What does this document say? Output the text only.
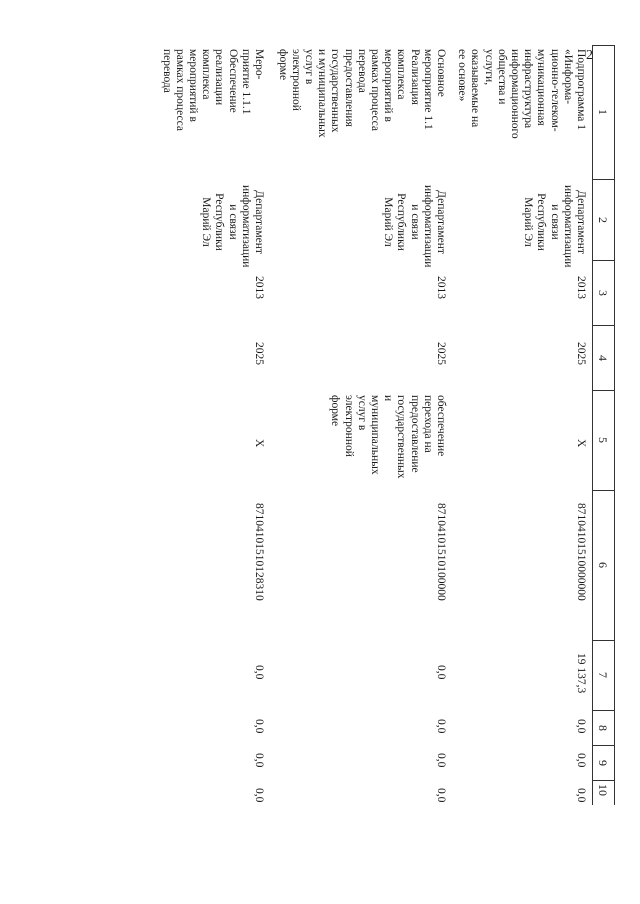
2
1
2
3
4
5
6
7
8
9
10
Подпрограмма 1
«Информа-
ционно-телеком-
муникационная
инфраструктура
информационного
общества и
услуги,
оказываемые на
ее основе»
Департамент
информатизации
и связи
Республики
Марий Эл
2013
2025
X
87104101510000000
19 137,3
0,0
0,0
0,0
Основное
мероприятие 1.1
Реализация
комплекса
мероприятий в
рамках процесса
перевода
предоставления
государственных
и муниципальных
услуг в
электронной
форме
Департамент
информатизации
и связи
Республики
Марий Эл
2013
2025
обеспечение
перехода на
предоставление
государственных и
муниципальных
услуг в
электронной
форме
87104101510100000
0,0
0,0
0,0
0,0
Меро-
приятие 1.1.1
Обеспечение
реализации
комплекса
мероприятий в
рамках процесса
перевода
Департамент
информатизации
и связи
Республики
Марий Эл
2013
2025
X
87104101510128310
0,0
0,0
0,0
0,0
